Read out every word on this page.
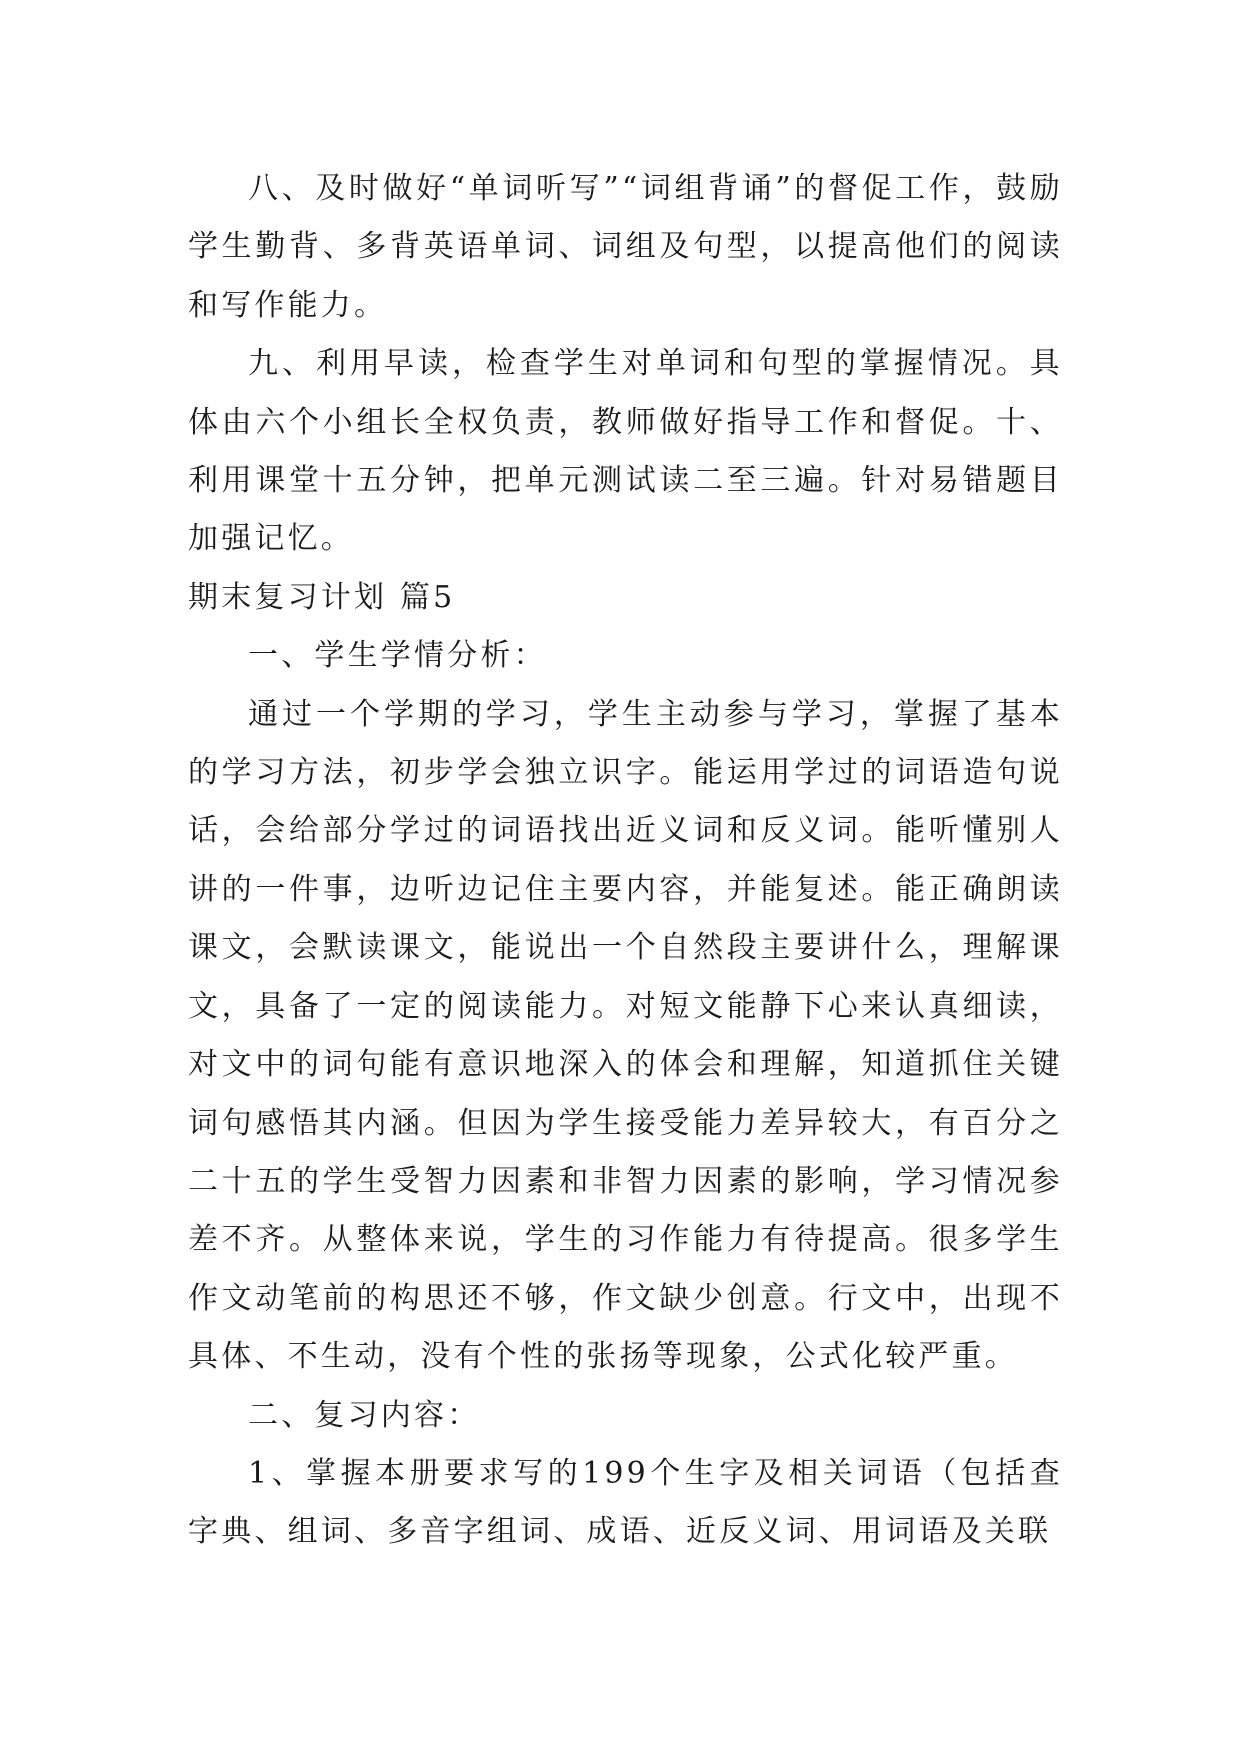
八、及时做好“单词听写”“词组背诵”的督促工作，鼓励学生勤背、多背英语单词、词组及句型，以提高他们的阅读和写作能力。

九、利用早读，检查学生对单词和句型的掌握情况。具体由六个小组长全权负责，教师做好指导工作和督促。十、利用课堂十五分钟，把单元测试读二至三遍。针对易错题目加强记忆。

期末复习计划 篇5

一、学生学情分析：

通过一个学期的学习，学生主动参与学习，掌握了基本的学习方法，初步学会独立识字。能运用学过的词语造句说话，会给部分学过的词语找出近义词和反义词。能听懂别人讲的一件事，边听边记住主要内容，并能复述。能正确朗读课文，会默读课文，能说出一个自然段主要讲什么，理解课文，具备了一定的阅读能力。对短文能静下心来认真细读，对文中的词句能有意识地深入的体会和理解，知道抓住关键词句感悟其内涵。但因为学生接受能力差异较大，有百分之二十五的学生受智力因素和非智力因素的影响，学习情况参差不齐。从整体来说，学生的习作能力有待提高。很多学生作文动笔前的构思还不够，作文缺少创意。行文中，出现不具体、不生动，没有个性的张扬等现象，公式化较严重。

二、复习内容：

1、掌握本册要求写的199个生字及相关词语（包括查字典、组词、多音字组词、成语、近反义词、用词语及关联
